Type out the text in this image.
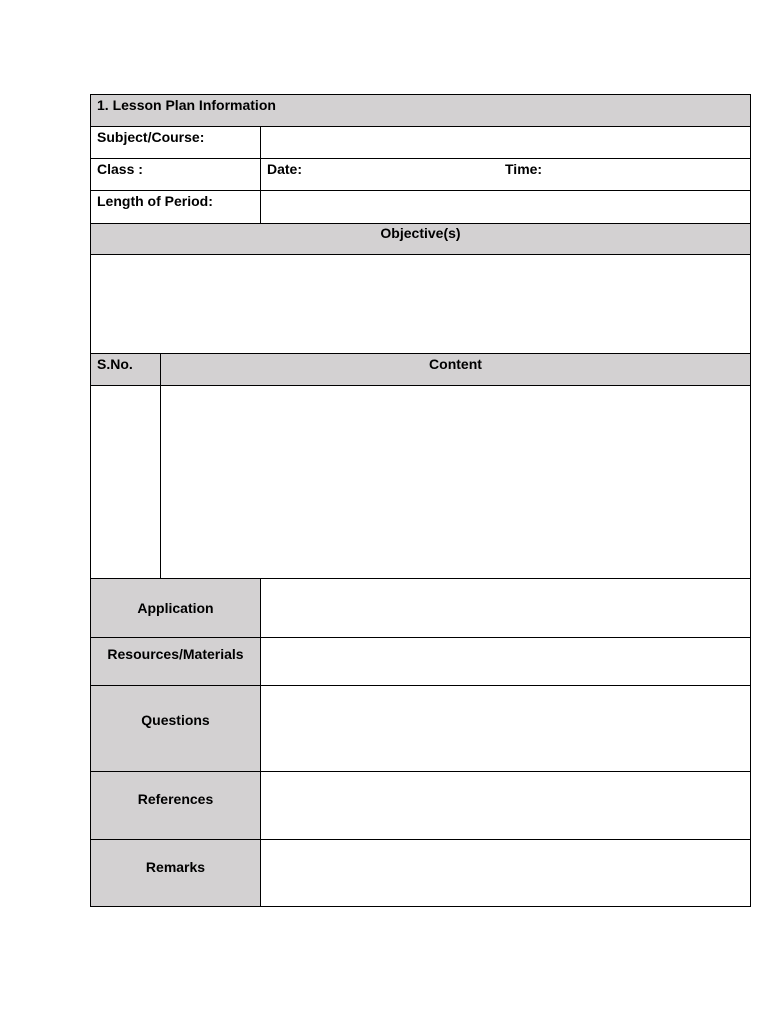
1. Lesson Plan Information
Subject/Course:
Class :	Date:	Time:
Length of Period:
Objective(s)
S.No.	Content
Application
Resources/Materials
Questions
References
Remarks
